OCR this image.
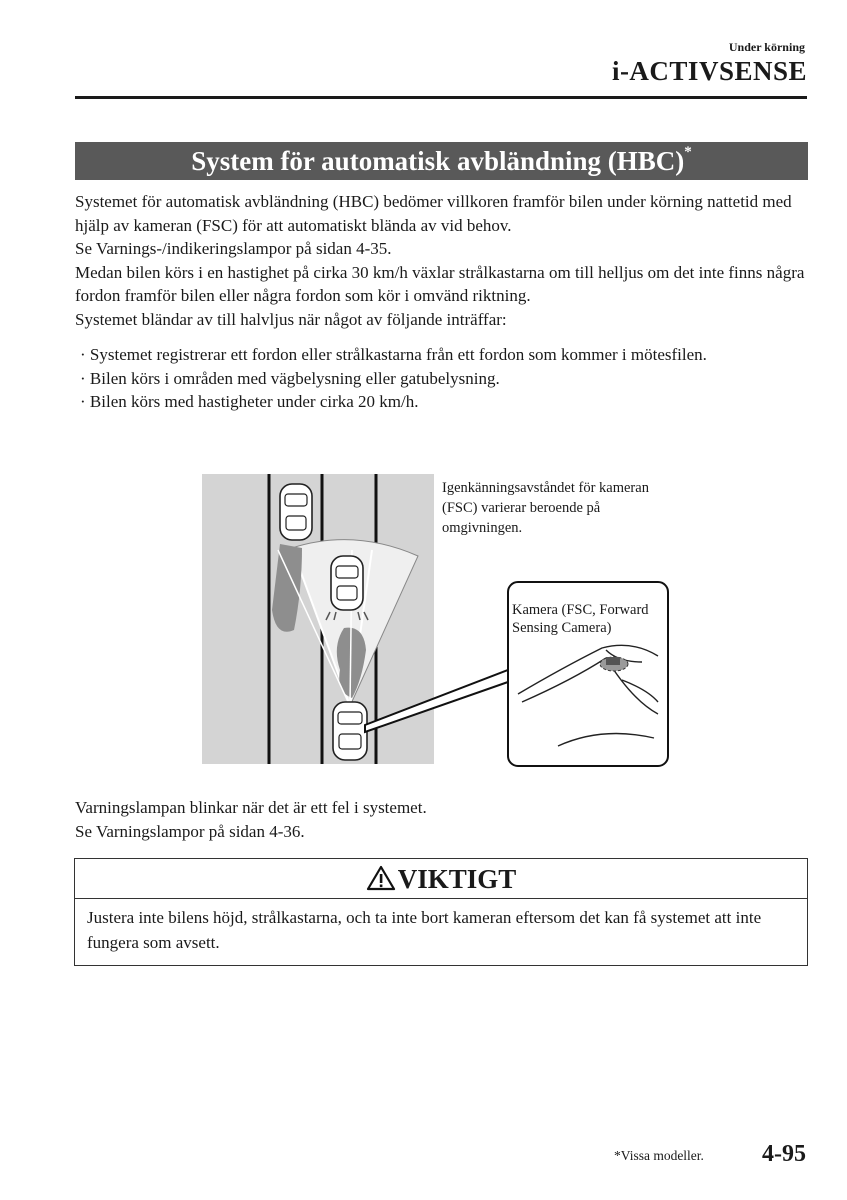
Under körning
i-ACTIVSENSE
System för automatisk avbländning (HBC)*

Systemet för automatisk avbländning (HBC) bedömer villkoren framför bilen under körning nattetid med hjälp av kameran (FSC) för att automatiskt blända av vid behov.

Se Varnings-/indikeringslampor på sidan 4-35.

Medan bilen körs i en hastighet på cirka 30 km/h växlar strålkastarna om till helljus om det inte finns några fordon framför bilen eller några fordon som kör i omvänd riktning.

Systemet bländar av till halvljus när något av följande inträffar:

· Systemet registrerar ett fordon eller strålkastarna från ett fordon som kommer i mötesfilen.
· Bilen körs i områden med vägbelysning eller gatubelysning.
· Bilen körs med hastigheter under cirka 20 km/h.
Igenkänningsavståndet för kameran (FSC) varierar beroende på omgivningen.
Kamera (FSC, Forward Sensing Camera)

Varningslampan blinkar när det är ett fel i systemet.

Se Varningslampor på sidan 4-36.

VIKTIGT
Justera inte bilens höjd, strålkastarna, och ta inte bort kameran eftersom det kan få systemet att inte fungera som avsett.
*Vissa modeller. 4-95
